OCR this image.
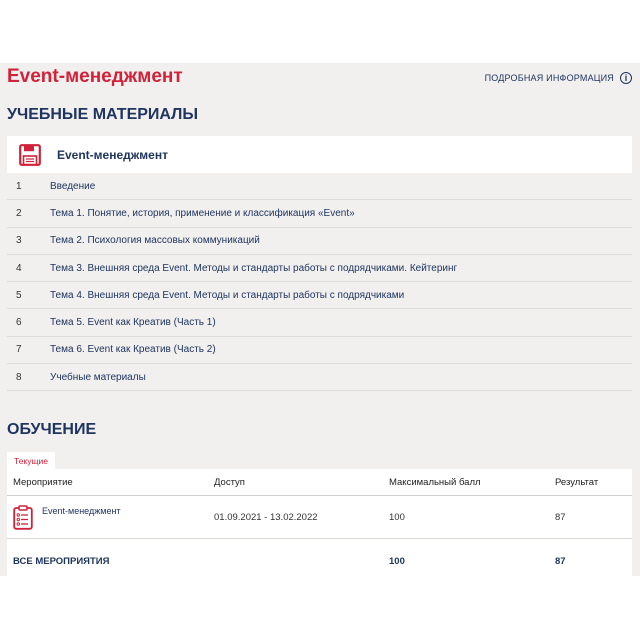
Event-менеджмент	ПОДРОБНАЯ ИНФОРМАЦИЯ	i
УЧЕБНЫЕ МАТЕРИАЛЫ
Event-менеджмент
1	Введение
2	Тема 1. Понятие, история, применение и классификация «Event»
3	Тема 2. Психология массовых коммуникаций
4	Тема 3. Внешняя среда Event. Методы и стандарты работы с подрядчиками. Кейтеринг
5	Тема 4. Внешняя среда Event. Методы и стандарты работы с подрядчиками
6	Тема 5. Event как Креатив (Часть 1)
7	Тема 6. Event как Креатив (Часть 2)
8	Учебные материалы
ОБУЧЕНИЕ
Текущие
Мероприятие	Доступ	Максимальный балл	Результат

Event-менеджмент	01.09.2021 - 13.02.2022	100	87
ВСЕ МЕРОПРИЯТИЯ		100	87
